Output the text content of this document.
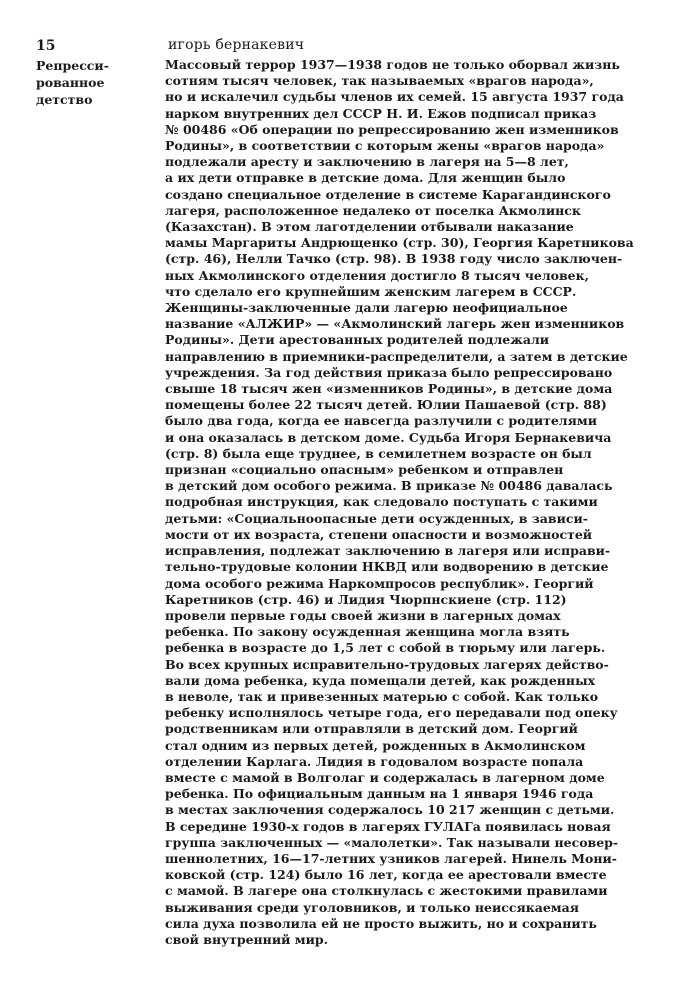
15	игорь бернакевич
Репресси-
рованное
детство
Массовый террор 1937—1938 годов не только оборвал жизнь
сотням тысяч человек, так называемых «врагов народа»,
но и искалечил судьбы членов их семей. 15 августа 1937 года
нарком внутренних дел СССР Н. И. Ежов подписал приказ
№ 00486 «Об операции по репрессированию жен изменников
Родины», в соответствии с которым жены «врагов народа»
подлежали аресту и заключению в лагеря на 5—8 лет,
а их дети отправке в детские дома. Для женщин было
создано специальное отделение в системе Карагандинского
лагеря, расположенное недалеко от поселка Акмолинск
(Казахстан). В этом лаготделении отбывали наказание
мамы Маргариты Андрющенко (стр. 30), Георгия Каретникова
(стр. 46), Нелли Тачко (стр. 98). В 1938 году число заключен-
ных Акмолинского отделения достигло 8 тысяч человек,
что сделало его крупнейшим женским лагерем в СССР.
Женщины-заключенные дали лагерю неофициальное
название «АЛЖИР» — «Акмолинский лагерь жен изменников
Родины». Дети арестованных родителей подлежали
направлению в приемники-распределители, а затем в детские
учреждения. За год действия приказа было репрессировано
свыше 18 тысяч жен «изменников Родины», в детские дома
помещены более 22 тысяч детей. Юлии Пашаевой (стр. 88)
было два года, когда ее навсегда разлучили с родителями
и она оказалась в детском доме. Судьба Игоря Бернакевича
(стр. 8) была еще труднее, в семилетнем возрасте он был
признан «социально опасным» ребенком и отправлен
в детский дом особого режима. В приказе № 00486 давалась
подробная инструкция, как следовало поступать с такими
детьми: «Социальноопасные дети осужденных, в зависи-
мости от их возраста, степени опасности и возможностей
исправления, подлежат заключению в лагеря или исправи-
тельно-трудовые колонии НКВД или водворению в детские
дома особого режима Наркомпросов республик». Георгий
Каретников (стр. 46) и Лидия Чюрпнскиене (стр. 112)
провели первые годы своей жизни в лагерных домах
ребенка. По закону осужденная женщина могла взять
ребенка в возрасте до 1,5 лет с собой в тюрьму или лагерь.
Во всех крупных исправительно-трудовых лагерях действо-
вали дома ребенка, куда помещали детей, как рожденных
в неволе, так и привезенных матерью с собой. Как только
ребенку исполнялось четыре года, его передавали под опеку
родственникам или отправляли в детский дом. Георгий
стал одним из первых детей, рожденных в Акмолинском
отделении Карлага. Лидия в годовалом возрасте попала
вместе с мамой в Волголаг и содержалась в лагерном доме
ребенка. По официальным данным на 1 января 1946 года
в местах заключения содержалось 10 217 женщин с детьми.
В середине 1930-х годов в лагерях ГУЛАГа появилась новая
группа заключенных — «малолетки». Так называли несовер-
шеннолетних, 16—17-летних узников лагерей. Нинель Мони-
ковской (стр. 124) было 16 лет, когда ее арестовали вместе
с мамой. В лагере она столкнулась с жестокими правилами
выживания среди уголовников, и только неиссякаемая
сила духа позволила ей не просто выжить, но и сохранить
свой внутренний мир.
